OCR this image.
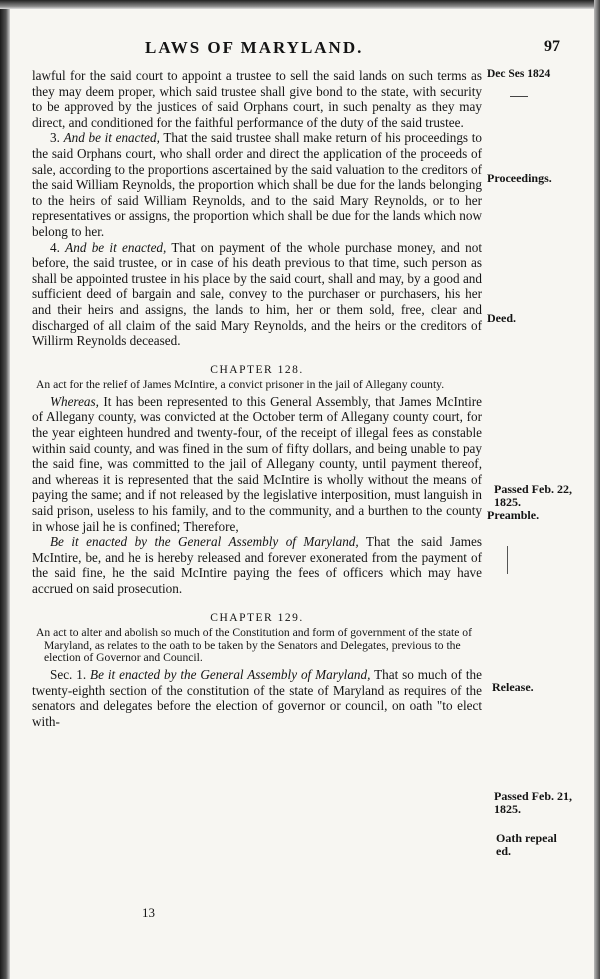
LAWS OF MARYLAND.	97
Dec Ses 1824
Proceedings.
Deed.
Passed Feb. 22, 1825.
Preamble.
Release.
Passed Feb. 21, 1825.
Oath repeal ed.

lawful for the said court to appoint a trustee to sell the said lands on such terms as they may deem proper, which said trustee shall give bond to the state, with security to be approved by the justices of said Orphans court, in such penalty as they may direct, and conditioned for the faithful performance of the duty of the said trustee.

3. And be it enacted, That the said trustee shall make return of his proceedings to the said Orphans court, who shall order and direct the application of the proceeds of sale, according to the proportions ascertained by the said valuation to the creditors of the said William Reynolds, the proportion which shall be due for the lands belonging to the heirs of said William Reynolds, and to the said Mary Reynolds, or to her representatives or assigns, the proportion which shall be due for the lands which now belong to her.

4. And be it enacted, That on payment of the whole purchase money, and not before, the said trustee, or in case of his death previous to that time, such person as shall be appointed trustee in his place by the said court, shall and may, by a good and sufficient deed of bargain and sale, convey to the purchaser or purchasers, his her and their heirs and assigns, the lands to him, her or them sold, free, clear and discharged of all claim of the said Mary Reynolds, and the heirs or the creditors of Willirm Reynolds deceased.

CHAPTER 128.

An act for the relief of James McIntire, a convict prisoner in the jail of Allegany county.

Whereas, It has been represented to this General Assembly, that James McIntire of Allegany county, was convicted at the October term of Allegany county court, for the year eighteen hundred and twenty-four, of the receipt of illegal fees as constable within said county, and was fined in the sum of fifty dollars, and being unable to pay the said fine, was committed to the jail of Allegany county, until payment thereof, and whereas it is represented that the said McIntire is wholly without the means of paying the same; and if not released by the legislative interposition, must languish in said prison, useless to his family, and to the community, and a burthen to the county in whose jail he is confined; Therefore,

Be it enacted by the General Assembly of Maryland, That the said James McIntire, be, and he is hereby released and forever exonerated from the payment of the said fine, he the said McIntire paying the fees of officers which may have accrued on said prosecution.

CHAPTER 129.

An act to alter and abolish so much of the Constitution and form of government of the state of Maryland, as relates to the oath to be taken by the Senators and Delegates, previous to the election of Governor and Council.

Sec. 1. Be it enacted by the General Assembly of Maryland, That so much of the twenty-eighth section of the constitution of the state of Maryland as requires of the senators and delegates before the election of governor or council, on oath "to elect with-

13
